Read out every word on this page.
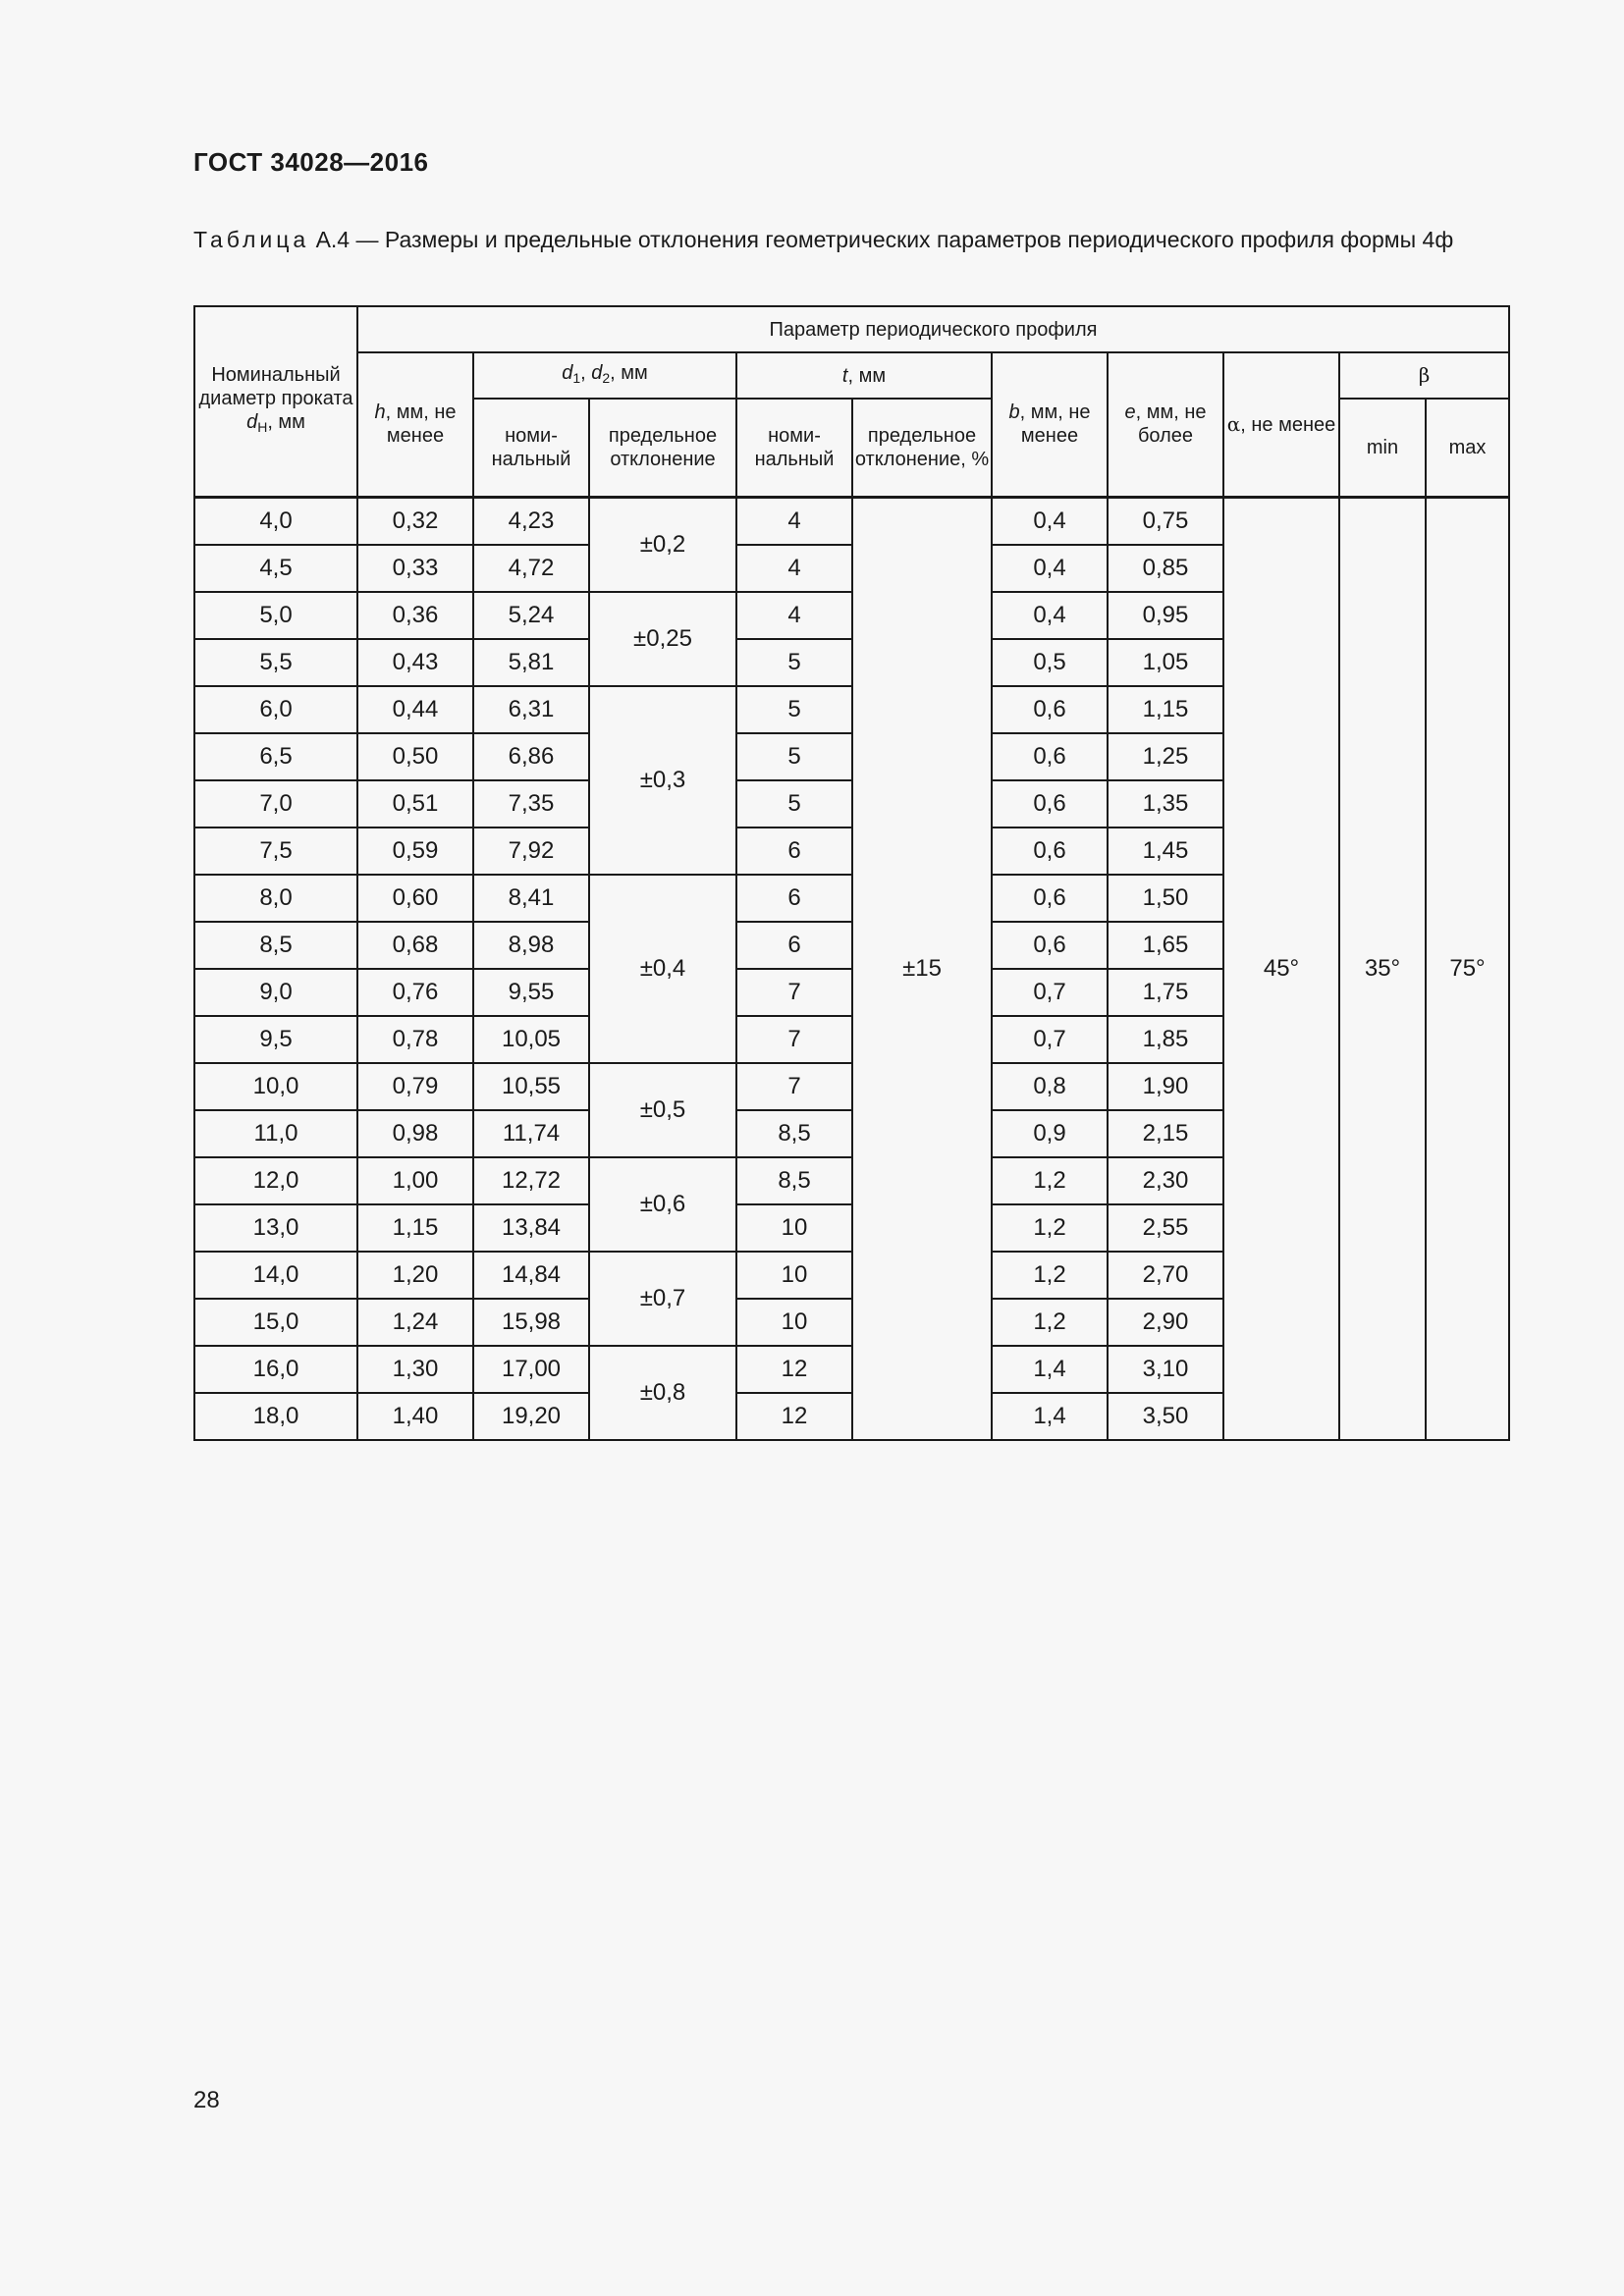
ГОСТ 34028—2016
Таблица А.4 — Размеры и предельные отклонения геометрических параметров периодического профиля формы 4ф
Номинальный диаметр проката $d_Н$, мм	Параметр периодического профиля									
	h, мм, не менее	$d_1$, $d_2$, мм		t, мм		b, мм, не менее	e, мм, не более	α, не менее	β	
		номи-нальный	предельное отклонение	номи-нальный	предельное отклонение, %				min	max
4,0	0,32	4,23	±0,2	4	±15	0,4	0,75	45°	35°	75°
4,5	0,33	4,72		4		0,4	0,85			
5,0	0,36	5,24	±0,25	4		0,4	0,95			
5,5	0,43	5,81		5		0,5	1,05			
6,0	0,44	6,31	±0,3	5		0,6	1,15			
6,5	0,50	6,86		5		0,6	1,25			
7,0	0,51	7,35		5		0,6	1,35			
7,5	0,59	7,92		6		0,6	1,45			
8,0	0,60	8,41	±0,4	6		0,6	1,50			
8,5	0,68	8,98		6		0,6	1,65			
9,0	0,76	9,55		7		0,7	1,75			
9,5	0,78	10,05		7		0,7	1,85			
10,0	0,79	10,55	±0,5	7		0,8	1,90			
11,0	0,98	11,74		8,5		0,9	2,15			
12,0	1,00	12,72	±0,6	8,5		1,2	2,30			
13,0	1,15	13,84		10		1,2	2,55			
14,0	1,20	14,84	±0,7	10		1,2	2,70			
15,0	1,24	15,98		10		1,2	2,90			
16,0	1,30	17,00	±0,8	12		1,4	3,10			
18,0	1,40	19,20		12		1,4	3,50			
28
